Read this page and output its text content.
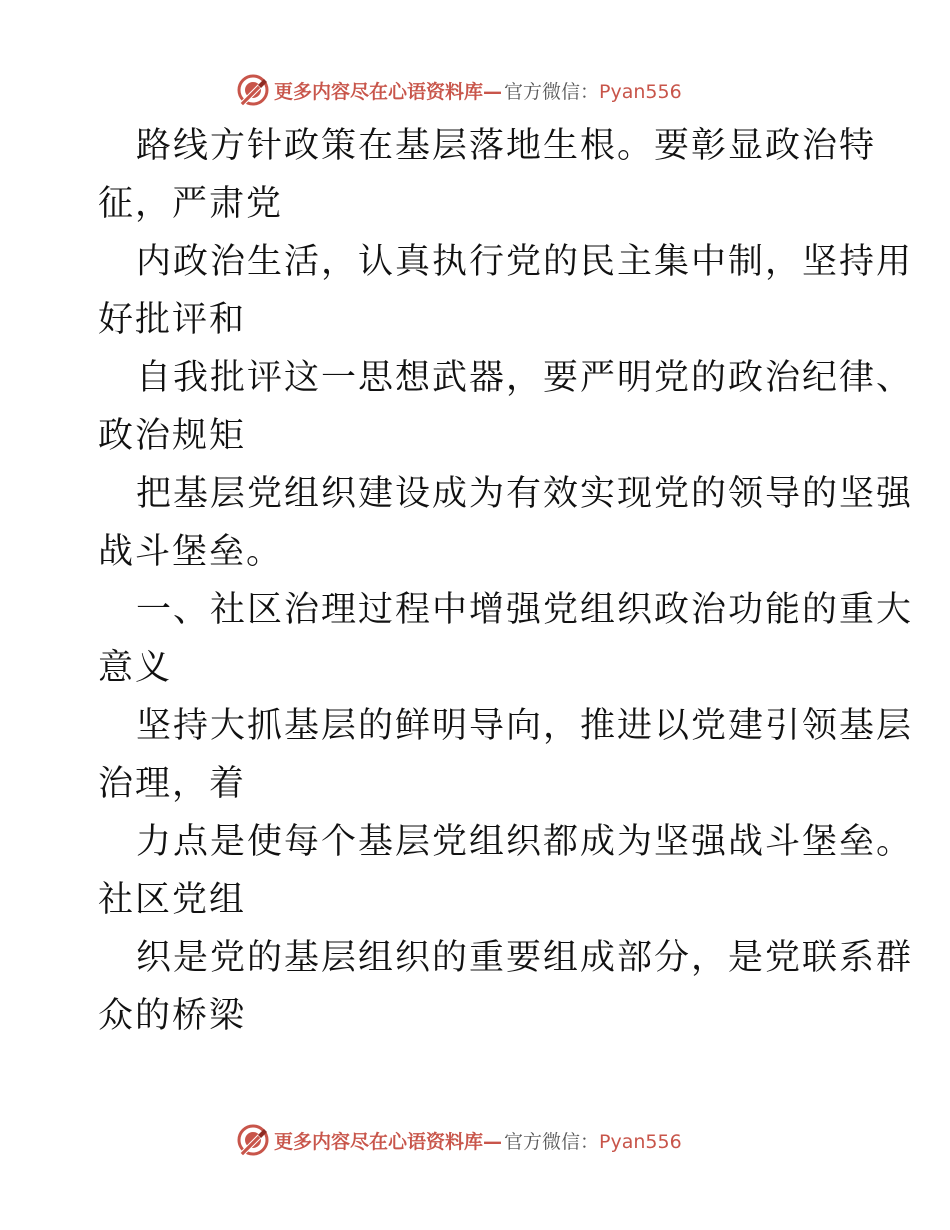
更多内容尽在心语资料库— 官方微信：Pyan556

路线方针政策在基层落地生根。要彰显政治特
征，严肃党

内政治生活，认真执行党的民主集中制，坚持用
好批评和

自我批评这一思想武器，要严明党的政治纪律、
政治规矩

把基层党组织建设成为有效实现党的领导的坚强
战斗堡垒。

一、社区治理过程中增强党组织政治功能的重大
意义

坚持大抓基层的鲜明导向，推进以党建引领基层
治理，着

力点是使每个基层党组织都成为坚强战斗堡垒。
社区党组

织是党的基层组织的重要组成部分，是党联系群
众的桥梁

更多内容尽在心语资料库— 官方微信：Pyan556
